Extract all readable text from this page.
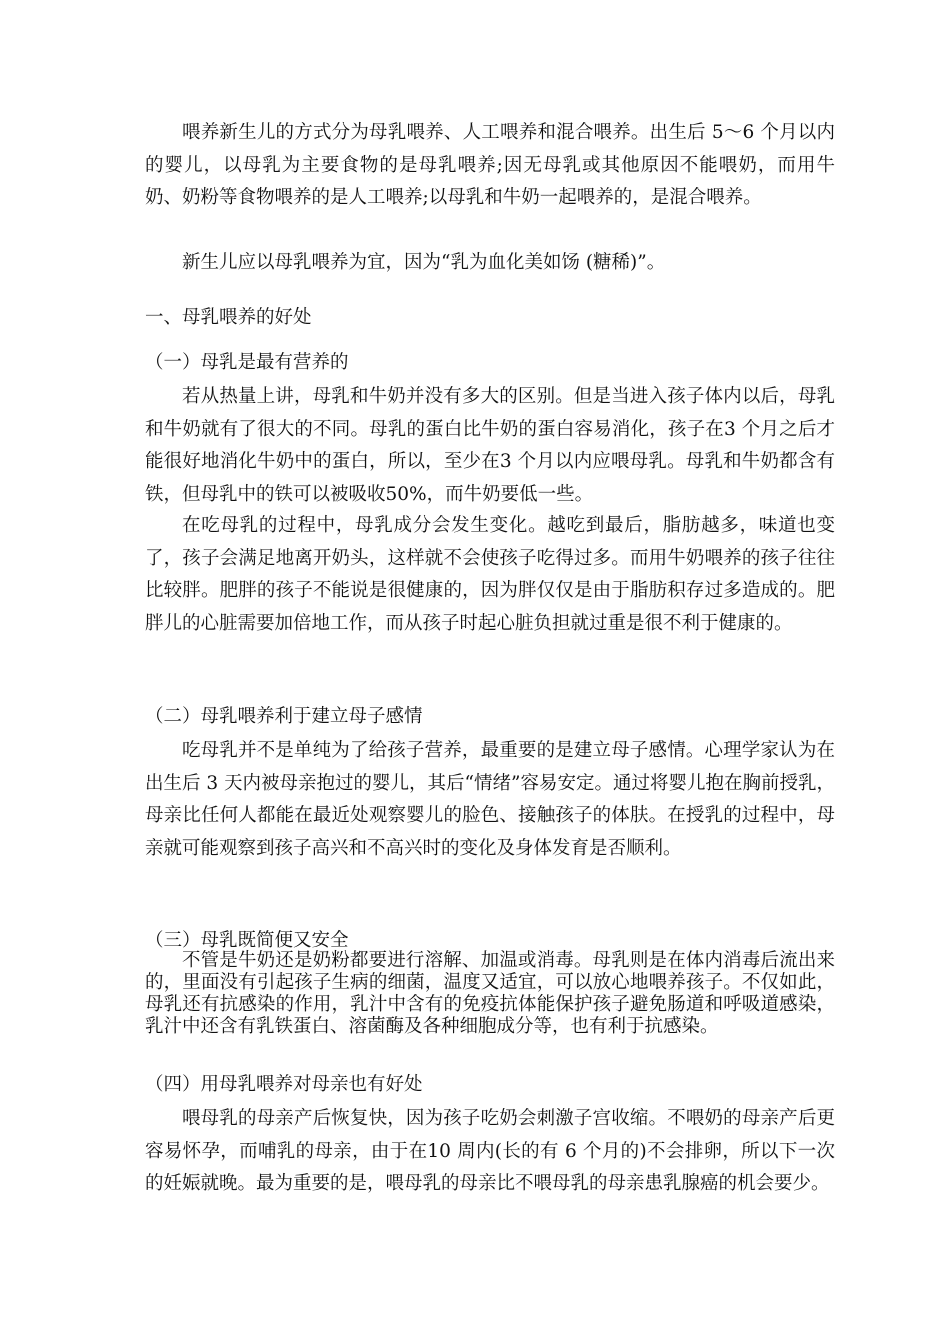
喂养新生儿的方式分为母乳喂养、人工喂养和混合喂养。出生后 5～6 个月以内的婴儿，以母乳为主要食物的是母乳喂养;因无母乳或其他原因不能喂奶，而用牛奶、奶粉等食物喂养的是人工喂养;以母乳和牛奶一起喂养的，是混合喂养。

新生儿应以母乳喂养为宜，因为“乳为血化美如饧 (糖稀)”。

一、母乳喂养的好处
（一）母乳是最有营养的

若从热量上讲，母乳和牛奶并没有多大的区别。但是当进入孩子体内以后，母乳和牛奶就有了很大的不同。母乳的蛋白比牛奶的蛋白容易消化，孩子在3 个月之后才能很好地消化牛奶中的蛋白，所以，至少在3 个月以内应喂母乳。母乳和牛奶都含有铁，但母乳中的铁可以被吸收50%，而牛奶要低一些。

在吃母乳的过程中，母乳成分会发生变化。越吃到最后，脂肪越多，味道也变了，孩子会满足地离开奶头，这样就不会使孩子吃得过多。而用牛奶喂养的孩子往往比较胖。肥胖的孩子不能说是很健康的，因为胖仅仅是由于脂肪积存过多造成的。肥胖儿的心脏需要加倍地工作，而从孩子时起心脏负担就过重是很不利于健康的。

（二）母乳喂养利于建立母子感情

吃母乳并不是单纯为了给孩子营养，最重要的是建立母子感情。心理学家认为在出生后 3 天内被母亲抱过的婴儿，其后“情绪”容易安定。通过将婴儿抱在胸前授乳，母亲比任何人都能在最近处观察婴儿的脸色、接触孩子的体肤。在授乳的过程中，母亲就可能观察到孩子高兴和不高兴时的变化及身体发育是否顺利。

（三）母乳既简便又安全

不管是牛奶还是奶粉都要进行溶解、加温或消毒。母乳则是在体内消毒后流出来的，里面没有引起孩子生病的细菌，温度又适宜，可以放心地喂养孩子。不仅如此，母乳还有抗感染的作用，乳汁中含有的免疫抗体能保护孩子避免肠道和呼吸道感染，乳汁中还含有乳铁蛋白、溶菌酶及各种细胞成分等，也有利于抗感染。

（四）用母乳喂养对母亲也有好处

喂母乳的母亲产后恢复快，因为孩子吃奶会刺激子宫收缩。不喂奶的母亲产后更容易怀孕，而哺乳的母亲，由于在10 周内(长的有 6 个月的)不会排卵，所以下一次的妊娠就晚。最为重要的是，喂母乳的母亲比不喂母乳的母亲患乳腺癌的机会要少。
